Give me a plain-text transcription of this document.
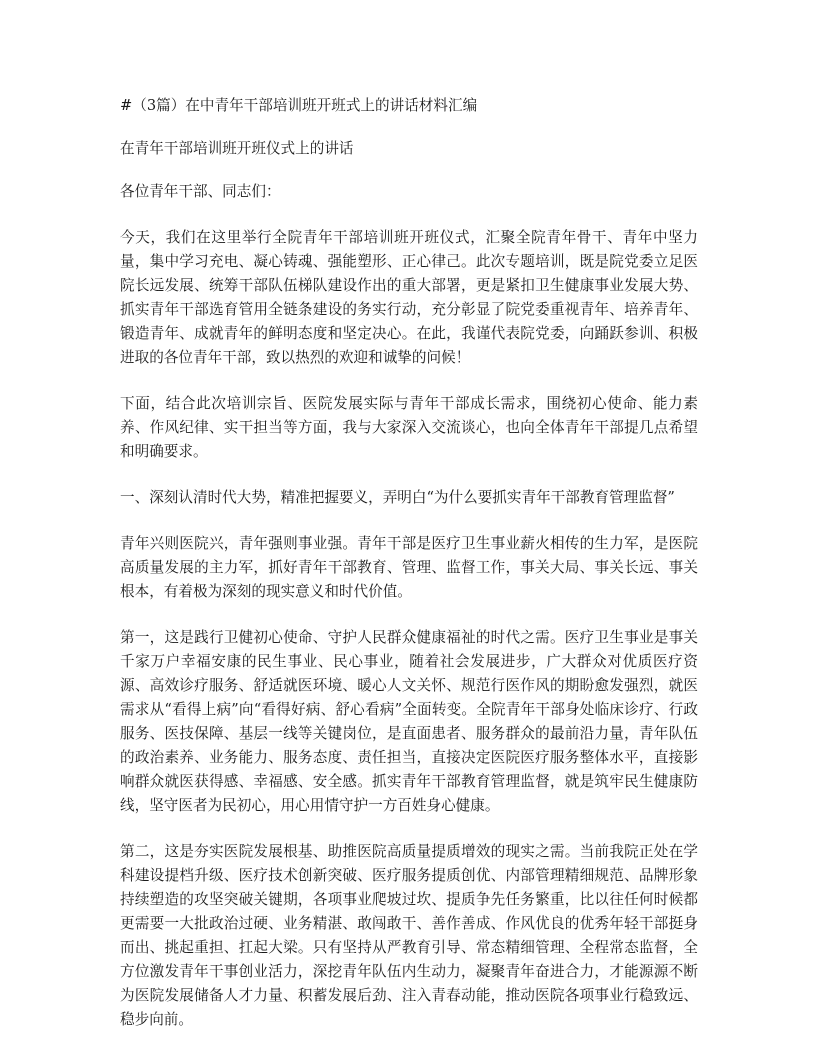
#（3篇）在中青年干部培训班开班式上的讲话材料汇编

在青年干部培训班开班仪式上的讲话

各位青年干部、同志们：

今天，我们在这里举行全院青年干部培训班开班仪式，汇聚全院青年骨干、青年中坚力量，集中学习充电、凝心铸魂、强能塑形、正心律己。此次专题培训，既是院党委立足医院长远发展、统筹干部队伍梯队建设作出的重大部署，更是紧扣卫生健康事业发展大势、抓实青年干部选育管用全链条建设的务实行动，充分彰显了院党委重视青年、培养青年、锻造青年、成就青年的鲜明态度和坚定决心。在此，我谨代表院党委，向踊跃参训、积极进取的各位青年干部，致以热烈的欢迎和诚挚的问候！

下面，结合此次培训宗旨、医院发展实际与青年干部成长需求，围绕初心使命、能力素养、作风纪律、实干担当等方面，我与大家深入交流谈心，也向全体青年干部提几点希望和明确要求。

一、深刻认清时代大势，精准把握要义，弄明白“为什么要抓实青年干部教育管理监督”

青年兴则医院兴，青年强则事业强。青年干部是医疗卫生事业薪火相传的生力军，是医院高质量发展的主力军，抓好青年干部教育、管理、监督工作，事关大局、事关长远、事关根本，有着极为深刻的现实意义和时代价值。

第一，这是践行卫健初心使命、守护人民群众健康福祉的时代之需。医疗卫生事业是事关千家万户幸福安康的民生事业、民心事业，随着社会发展进步，广大群众对优质医疗资源、高效诊疗服务、舒适就医环境、暖心人文关怀、规范行医作风的期盼愈发强烈，就医需求从“看得上病”向“看得好病、舒心看病”全面转变。全院青年干部身处临床诊疗、行政服务、医技保障、基层一线等关键岗位，是直面患者、服务群众的最前沿力量，青年队伍的政治素养、业务能力、服务态度、责任担当，直接决定医院医疗服务整体水平，直接影响群众就医获得感、幸福感、安全感。抓实青年干部教育管理监督，就是筑牢民生健康防线，坚守医者为民初心，用心用情守护一方百姓身心健康。

第二，这是夯实医院发展根基、助推医院高质量提质增效的现实之需。当前我院正处在学科建设提档升级、医疗技术创新突破、医疗服务提质创优、内部管理精细规范、品牌形象持续塑造的攻坚突破关键期，各项事业爬坡过坎、提质争先任务繁重，比以往任何时候都更需要一大批政治过硬、业务精湛、敢闯敢干、善作善成、作风优良的优秀年轻干部挺身而出、挑起重担、扛起大梁。只有坚持从严教育引导、常态精细管理、全程常态监督，全方位激发青年干事创业活力，深挖青年队伍内生动力，凝聚青年奋进合力，才能源源不断为医院发展储备人才力量、积蓄发展后劲、注入青春动能，推动医院各项事业行稳致远、稳步向前。
